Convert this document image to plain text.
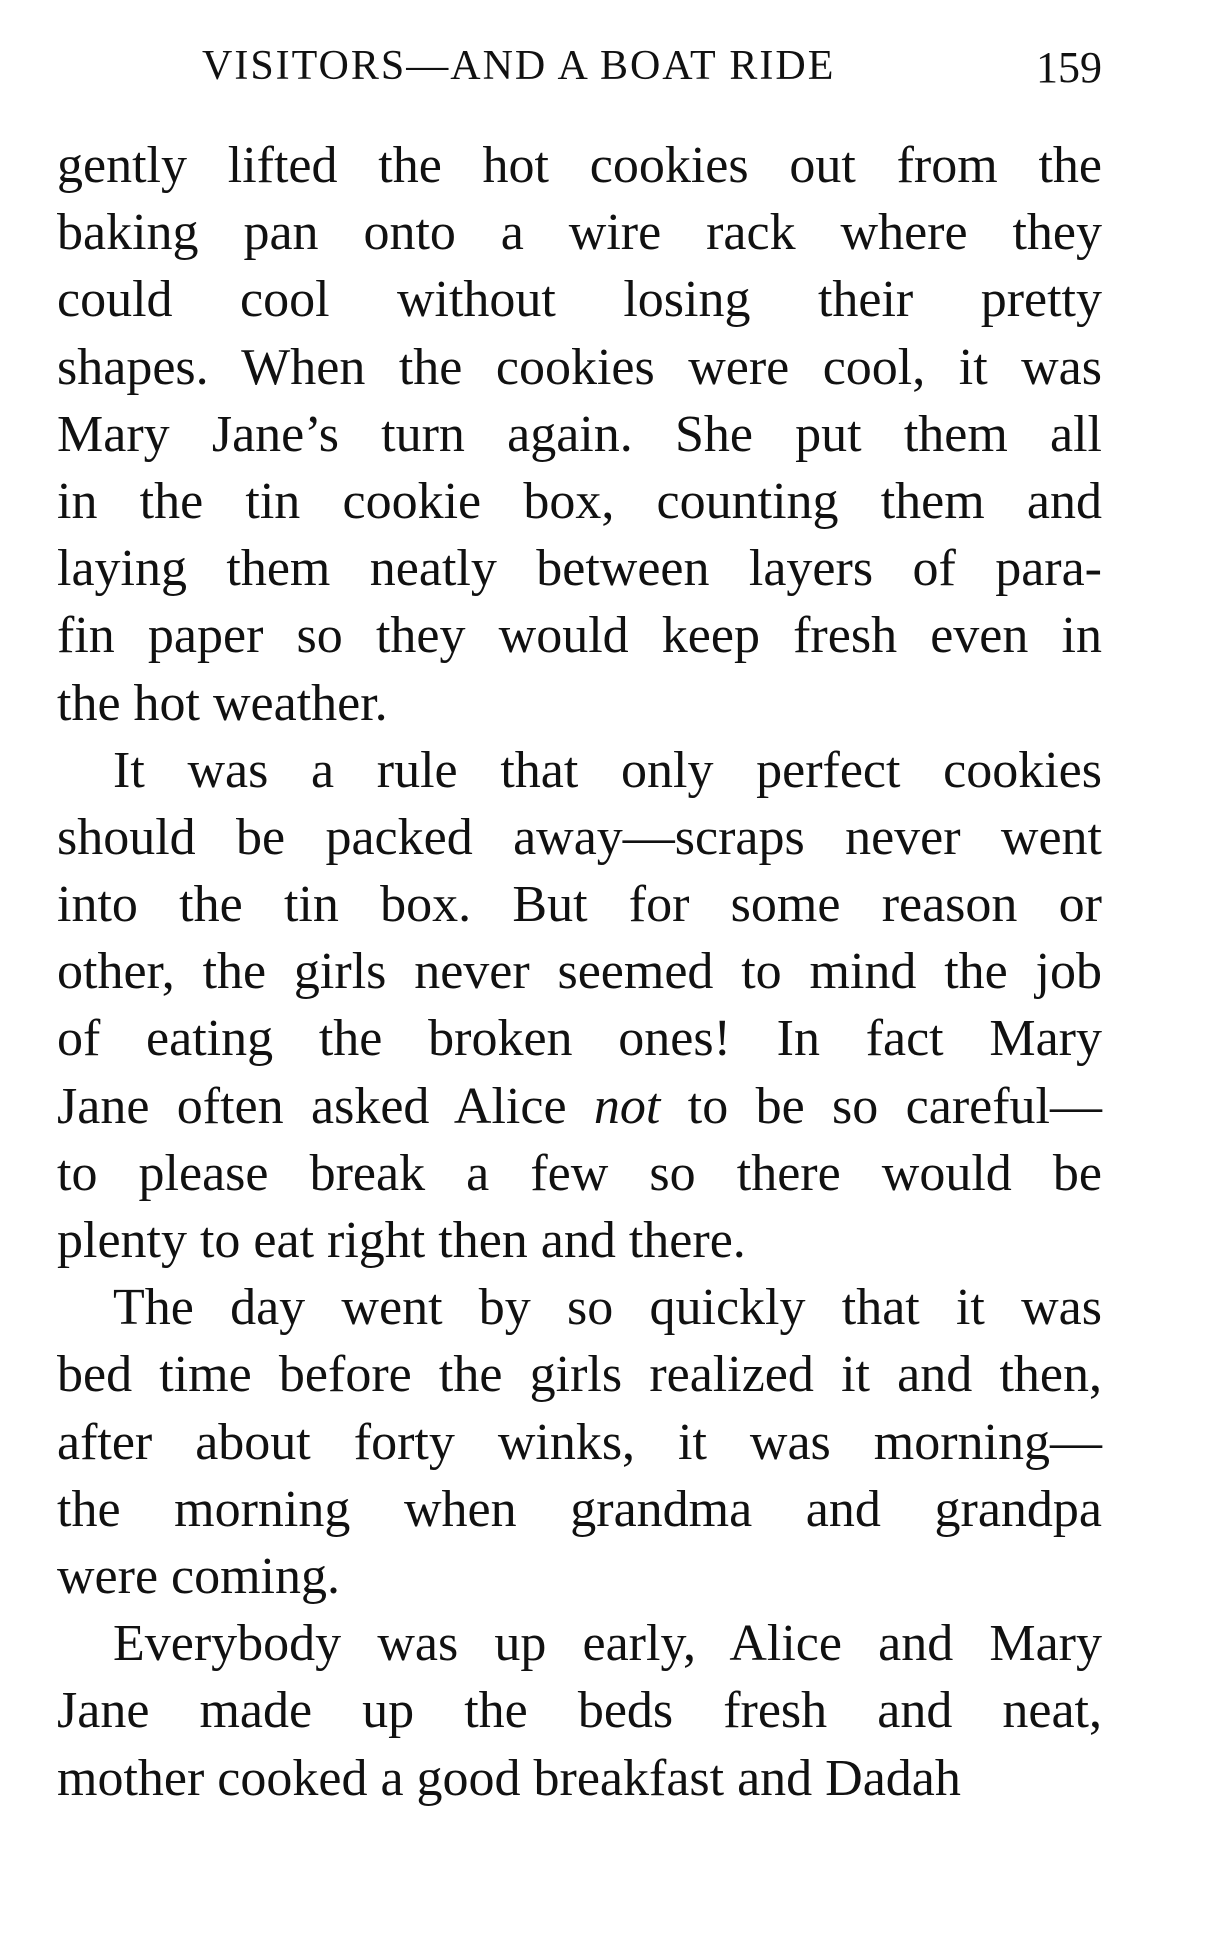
VISITORS—AND A BOAT RIDE	159
gently lifted the hot cookies out from the
baking pan onto a wire rack where they
could cool without losing their pretty
shapes. When the cookies were cool, it was
Mary Jane’s turn again. She put them all
in the tin cookie box, counting them and
laying them neatly between layers of para-
fin paper so they would keep fresh even in
the hot weather.
It was a rule that only perfect cookies
should be packed away—scraps never went
into the tin box. But for some reason or
other, the girls never seemed to mind the job
of eating the broken ones! In fact Mary
Jane often asked Alice not to be so careful—
to please break a few so there would be
plenty to eat right then and there.
The day went by so quickly that it was
bed time before the girls realized it and then,
after about forty winks, it was morning—
the morning when grandma and grandpa
were coming.
Everybody was up early, Alice and Mary
Jane made up the beds fresh and neat,
mother cooked a good breakfast and Dadah
